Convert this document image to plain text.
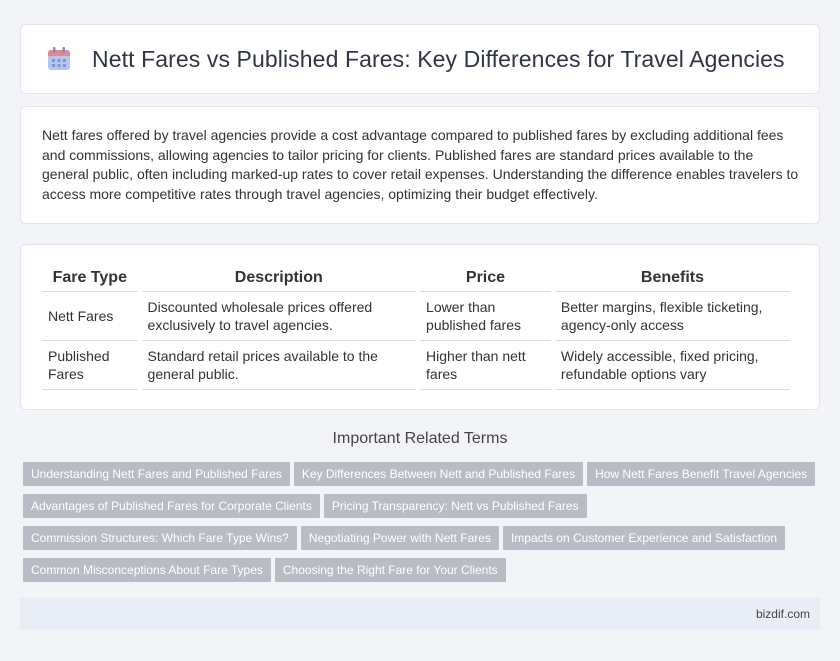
Nett Fares vs Published Fares: Key Differences for Travel Agencies

Nett fares offered by travel agencies provide a cost advantage compared to published fares by excluding additional fees and commissions, allowing agencies to tailor pricing for clients. Published fares are standard prices available to the general public, often including marked-up rates to cover retail expenses. Understanding the difference enables travelers to access more competitive rates through travel agencies, optimizing their budget effectively.

Fare Type	Description	Price	Benefits
Nett Fares	Discounted wholesale prices offered exclusively to travel agencies.	Lower than published fares	Better margins, flexible ticketing, agency-only access
Published Fares	Standard retail prices available to the general public.	Higher than nett fares	Widely accessible, fixed pricing, refundable options vary
Important Related Terms
Understanding Nett Fares and Published Fares Key Differences Between Nett and Published Fares How Nett Fares Benefit Travel Agencies
Advantages of Published Fares for Corporate Clients Pricing Transparency: Nett vs Published Fares
Commission Structures: Which Fare Type Wins? Negotiating Power with Nett Fares Impacts on Customer Experience and Satisfaction
Common Misconceptions About Fare Types Choosing the Right Fare for Your Clients
bizdif.com
